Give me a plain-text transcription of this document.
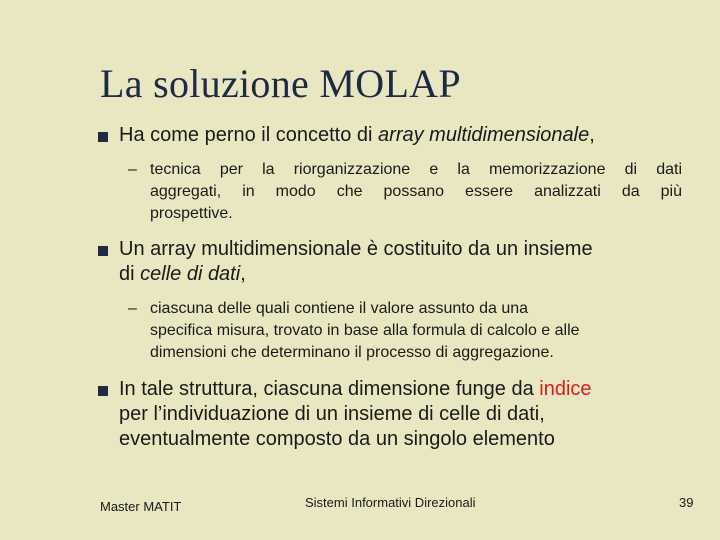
La soluzione MOLAP
Ha come perno il concetto di array multidimensionale,
– tecnica per la riorganizzazione e la memorizzazione di dati
aggregati, in modo che possano essere analizzati da più
prospettive.
Un array multidimensionale è costituito da un insieme
di celle di dati,
– ciascuna delle quali contiene il valore assunto da una
specifica misura, trovato in base alla formula di calcolo e alle
dimensioni che determinano il processo di aggregazione.
In tale struttura, ciascuna dimensione funge da indice
per l’individuazione di un insieme di celle di dati,
eventualmente composto da un singolo elemento
Master MATIT	Sistemi Informativi Direzionali	39
